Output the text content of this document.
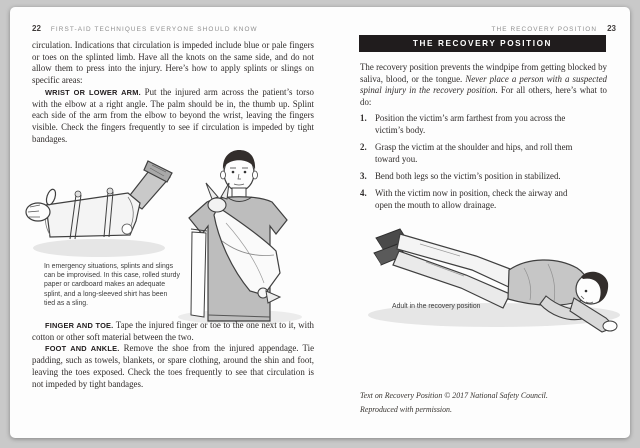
22 FIRST-AID TECHNIQUES EVERYONE SHOULD KNOW

circulation. Indications that circulation is impeded include blue or pale fingers or toes on the splinted limb. Have all the knots on the same side, and do not allow them to press into the injury. Here’s how to apply splints or slings on specific areas:

WRIST OR LOWER ARM. Put the injured arm across the patient’s torso with the elbow at a right angle. The palm should be in, the thumb up. Splint each side of the arm from the elbow to beyond the wrist, leaving the fingers visible. Check the fingers frequently to see if circulation is impeded by tight bandages.

In emergency situations, splints and slings can be improvised. In this case, rolled sturdy paper or cardboard makes an adequate splint, and a long-sleeved shirt has been tied as a sling.

FINGER AND TOE. Tape the injured finger or toe to the one next to it, with cotton or other soft material between the two.

FOOT AND ANKLE. Remove the shoe from the injured appendage. Tie padding, such as towels, blankets, or spare clothing, around the shin and foot, leaving the toes exposed. Check the toes frequently to see that circulation is not impeded by tight bandages.

THE RECOVERY POSITION 23
THE RECOVERY POSITION

The recovery position prevents the windpipe from getting blocked by saliva, blood, or the tongue. Never place a person with a suspected spinal injury in the recovery position. For all others, here’s what to do:

1. Position the victim’s arm farthest from you across the victim’s body.
2. Grasp the victim at the shoulder and hips, and roll them toward you.
3. Bend both legs so the victim’s position in stabilized.
4. With the victim now in position, check the airway and open the mouth to allow drainage.
Adult in the recovery position

Text on Recovery Position © 2017 National Safety Council.

Reproduced with permission.
